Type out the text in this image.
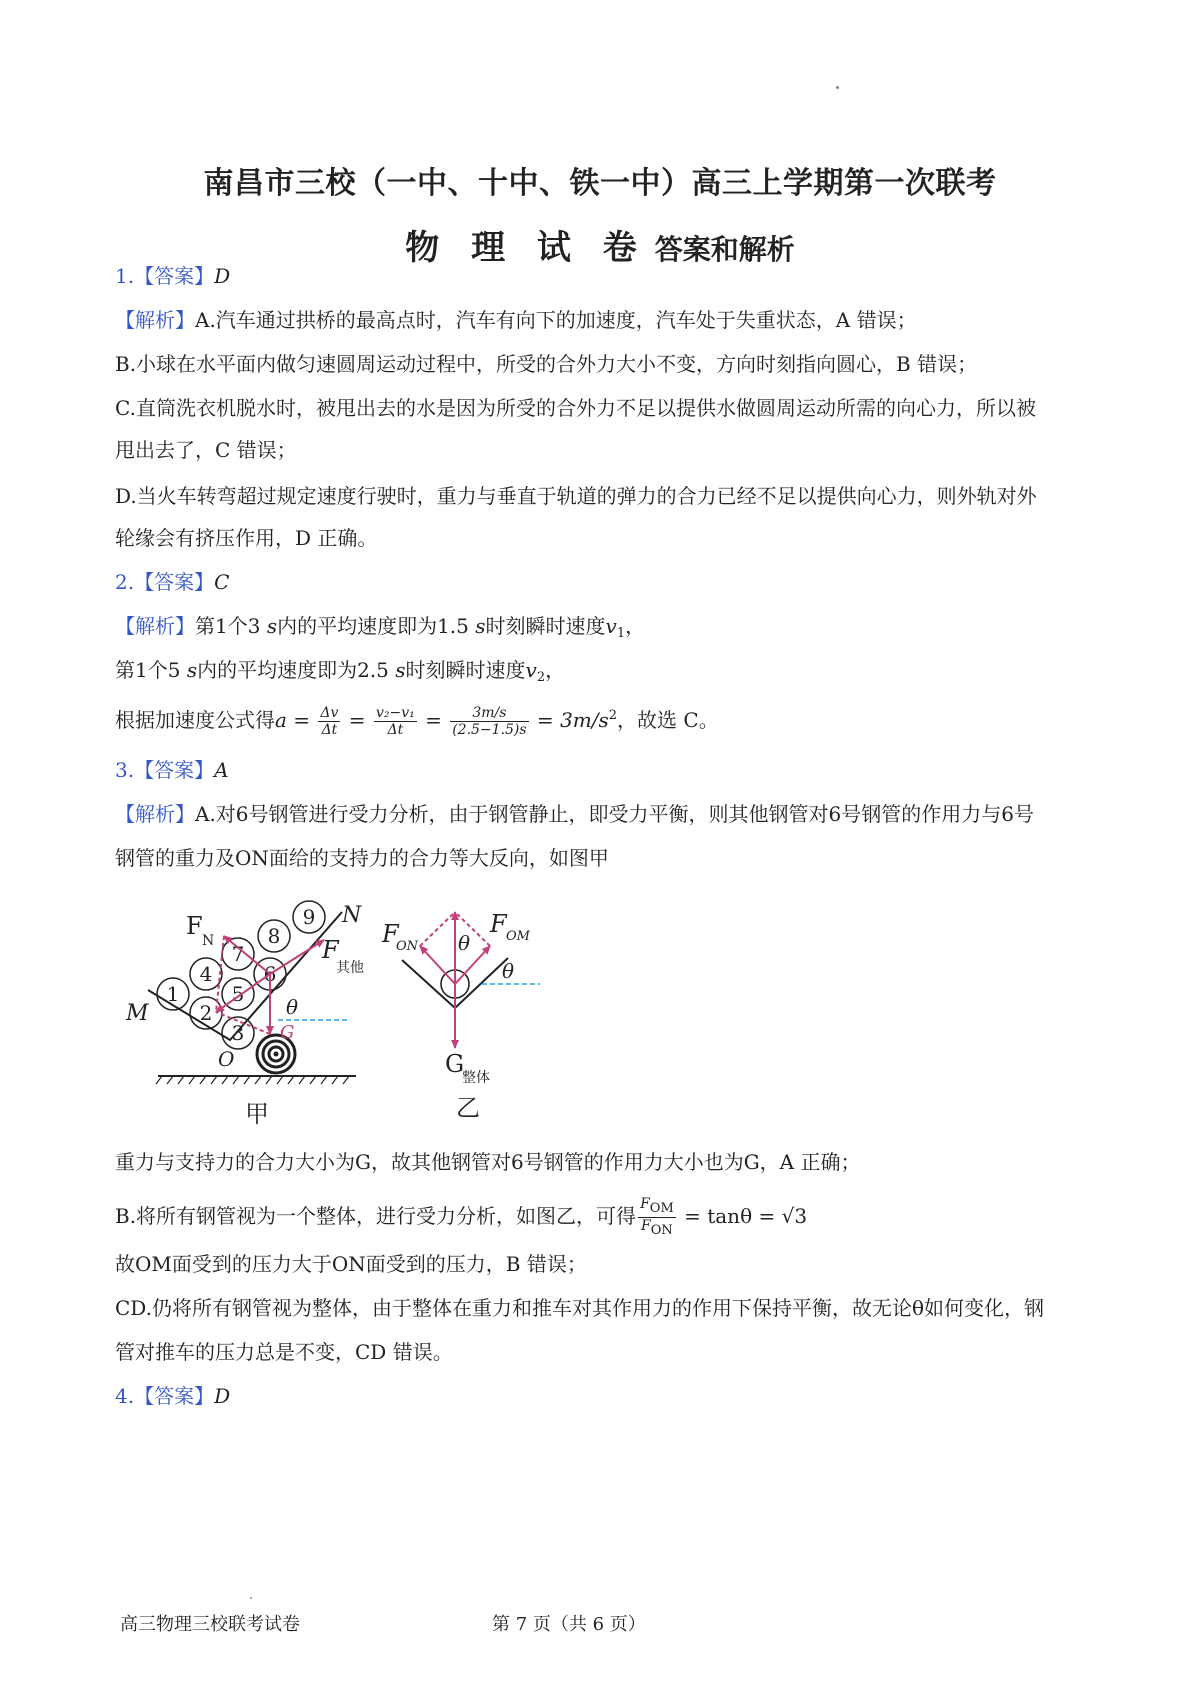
南昌市三校（一中、十中、铁一中）高三上学期第一次联考
物 理 试 卷 答案和解析
1.【答案】D
【解析】A.汽车通过拱桥的最高点时，汽车有向下的加速度，汽车处于失重状态，A 错误；
B.小球在水平面内做匀速圆周运动过程中，所受的合外力大小不变，方向时刻指向圆心，B 错误；
C.直筒洗衣机脱水时，被甩出去的水是因为所受的合外力不足以提供水做圆周运动所需的向心力，所以被
甩出去了，C 错误；
D.当火车转弯超过规定速度行驶时，重力与垂直于轨道的弹力的合力已经不足以提供向心力，则外轨对外
轮缘会有挤压作用，D 正确。
2.【答案】C
【解析】第1个3 s内的平均速度即为1.5 s时刻瞬时速度$v_1$，
第1个5 s内的平均速度即为2.5 s时刻瞬时速度$v_2$，
根据加速度公式得$a = \frac{\Delta v}{\Delta t} = \frac{\text{v₂−v₁}}{\Delta t} = \frac{3m/s}{(2.5-1.5)s} = 3m/s^2$，故选 C。
3.【答案】A
【解析】A.对6号钢管进行受力分析，由于钢管静止，即受力平衡，则其他钢管对6号钢管的作用力与6号
钢管的重力及ON面给的支持力的合力等大反向，如图甲
1
2
3
4
5
6
7
8
9
M
N
O
F
N	F
其他
θ
G
甲
F
ON
F OM
θ
θ
G
整体
乙
重力与支持力的合力大小为G，故其他钢管对6号钢管的作用力大小也为G，A 正确；
B.将所有钢管视为一个整体，进行受力分析，如图乙，可得 $\frac{\text{FOM}}{\text{FON}} = \tan\theta = √3$
故OM面受到的压力大于ON面受到的压力，B 错误；
CD.仍将所有钢管视为整体，由于整体在重力和推车对其作用力的作用下保持平衡，故无论θ如何变化，钢
管对推车的压力总是不变，CD 错误。
4.【答案】D
高三物理三校联考试卷	第 7 页（共 6 页）
